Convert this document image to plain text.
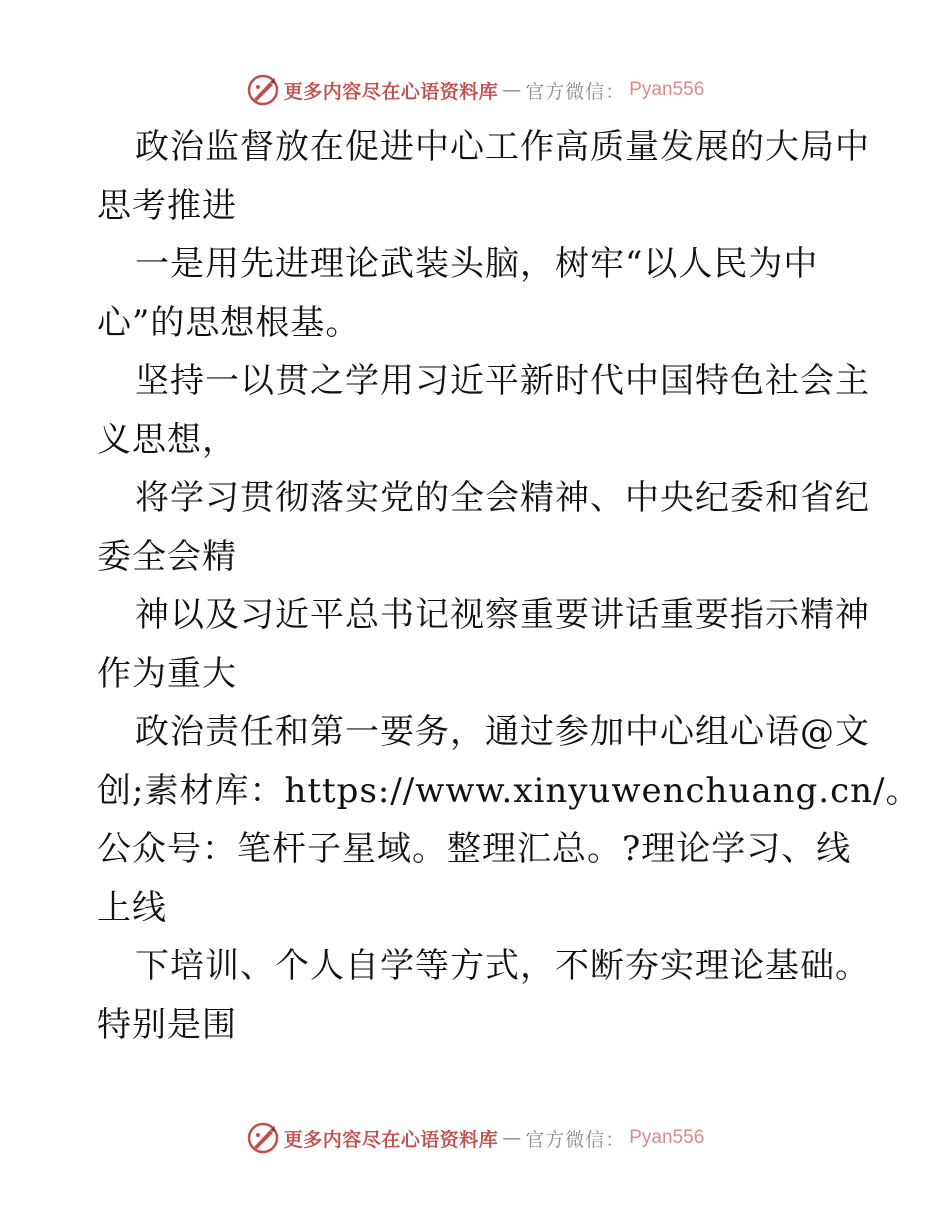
更多内容尽在心语资料库 — 官方微信： Pyan556
政治监督放在促进中心工作高质量发展的大局中
思考推进
一是用先进理论武装头脑，树牢“以人民为中
心”的思想根基。
坚持一以贯之学用习近平新时代中国特色社会主
义思想，
将学习贯彻落实党的全会精神、中央纪委和省纪
委全会精
神以及习近平总书记视察重要讲话重要指示精神
作为重大
政治责任和第一要务，通过参加中心组心语@文
创;素材库：https://www.xinyuwenchuang.cn/。
公众号：笔杆子星域。整理汇总。?理论学习、线
上线
下培训、个人自学等方式，不断夯实理论基础。
特别是围
更多内容尽在心语资料库 — 官方微信： Pyan556
